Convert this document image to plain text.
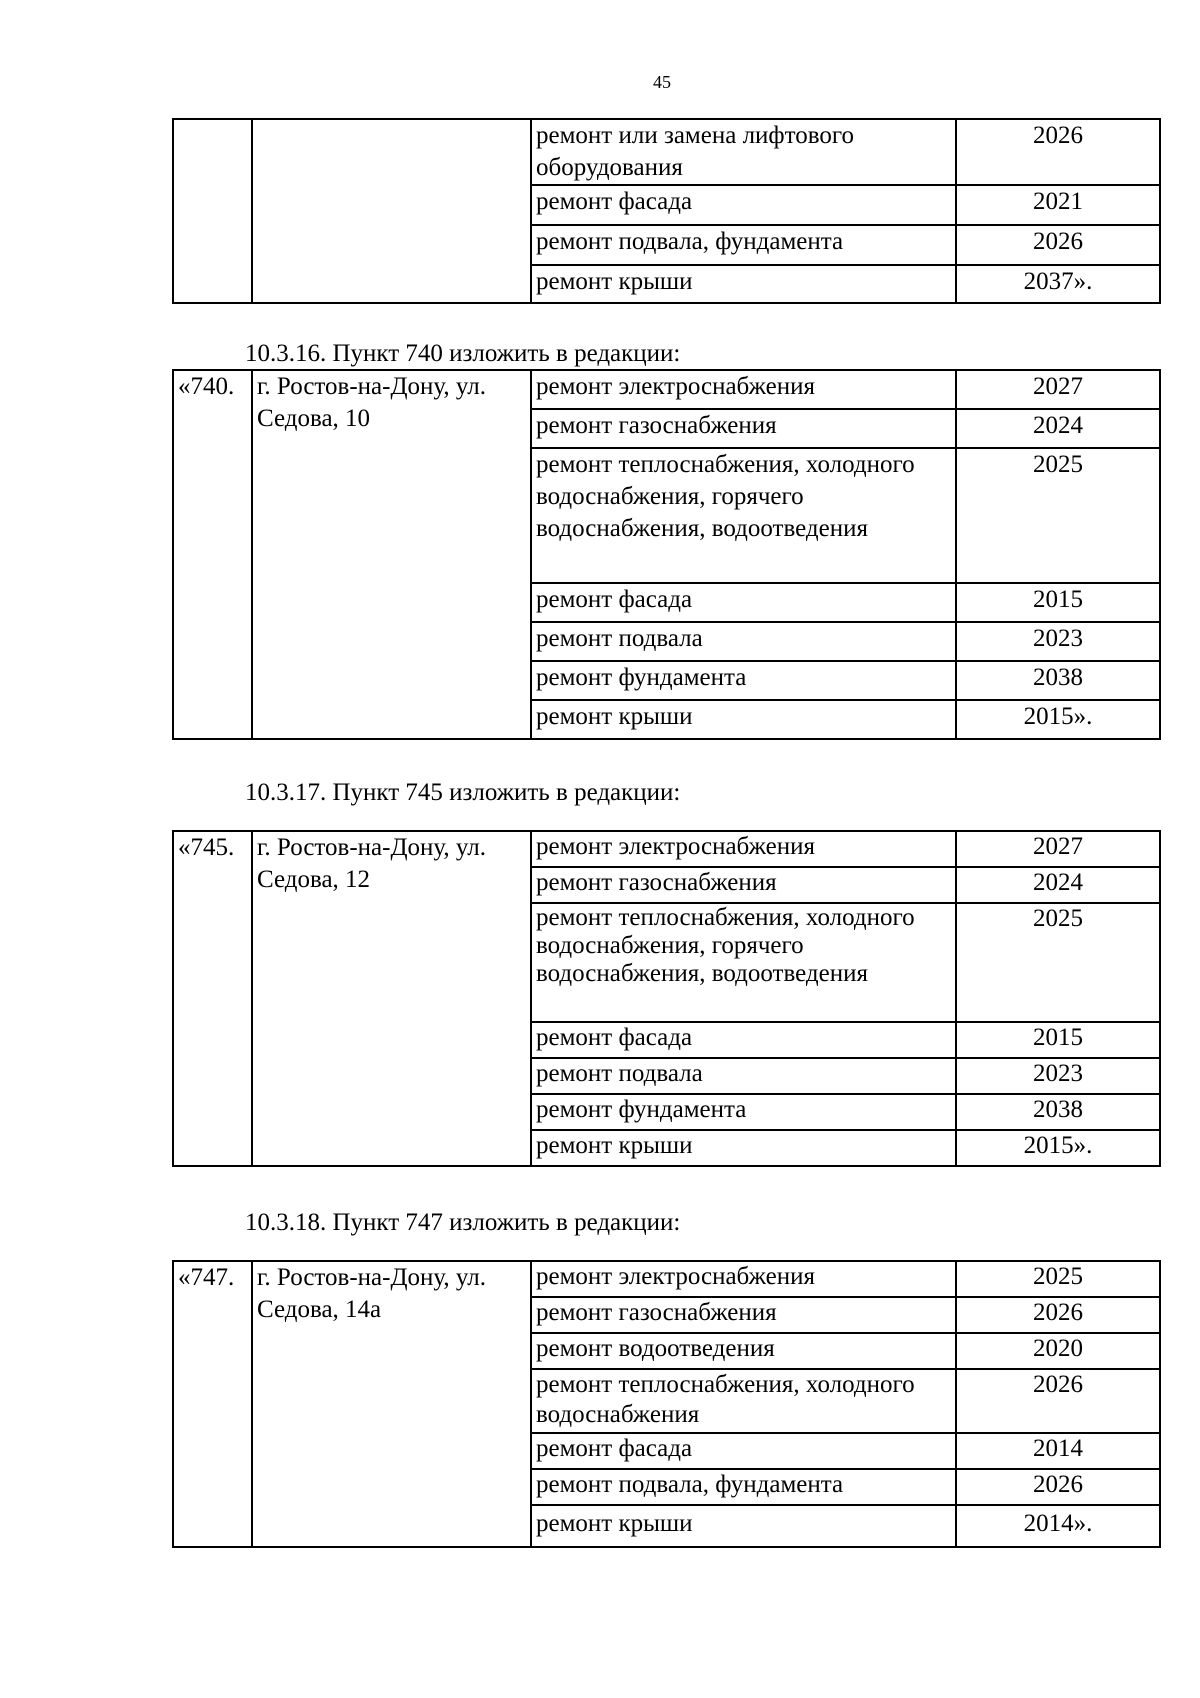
45
		ремонт или замена лифтового оборудования	2026
		ремонт фасада	2021
		ремонт подвала, фундамента	2026
		ремонт крыши	2037».
10.3.16. Пункт 740 изложить в редакции:
«740.	г. Ростов-на-Дону, ул. Седова, 10	ремонт электроснабжения	2027
		ремонт газоснабжения	2024
		ремонт теплоснабжения, холодного водоснабжения, горячего водоснабжения, водоотведения	2025
		ремонт фасада	2015
		ремонт подвала	2023
		ремонт фундамента	2038
		ремонт крыши	2015».
10.3.17. Пункт 745 изложить в редакции:
«745.	г. Ростов-на-Дону, ул. Седова, 12	ремонт электроснабжения	2027
		ремонт газоснабжения	2024
		ремонт теплоснабжения, холодного водоснабжения, горячего водоснабжения, водоотведения	2025
		ремонт фасада	2015
		ремонт подвала	2023
		ремонт фундамента	2038
		ремонт крыши	2015».
10.3.18. Пункт 747 изложить в редакции:
«747.	г. Ростов-на-Дону, ул. Седова, 14а	ремонт электроснабжения	2025
		ремонт газоснабжения	2026
		ремонт водоотведения	2020
		ремонт теплоснабжения, холодного водоснабжения	2026
		ремонт фасада	2014
		ремонт подвала, фундамента	2026
		ремонт крыши	2014».
